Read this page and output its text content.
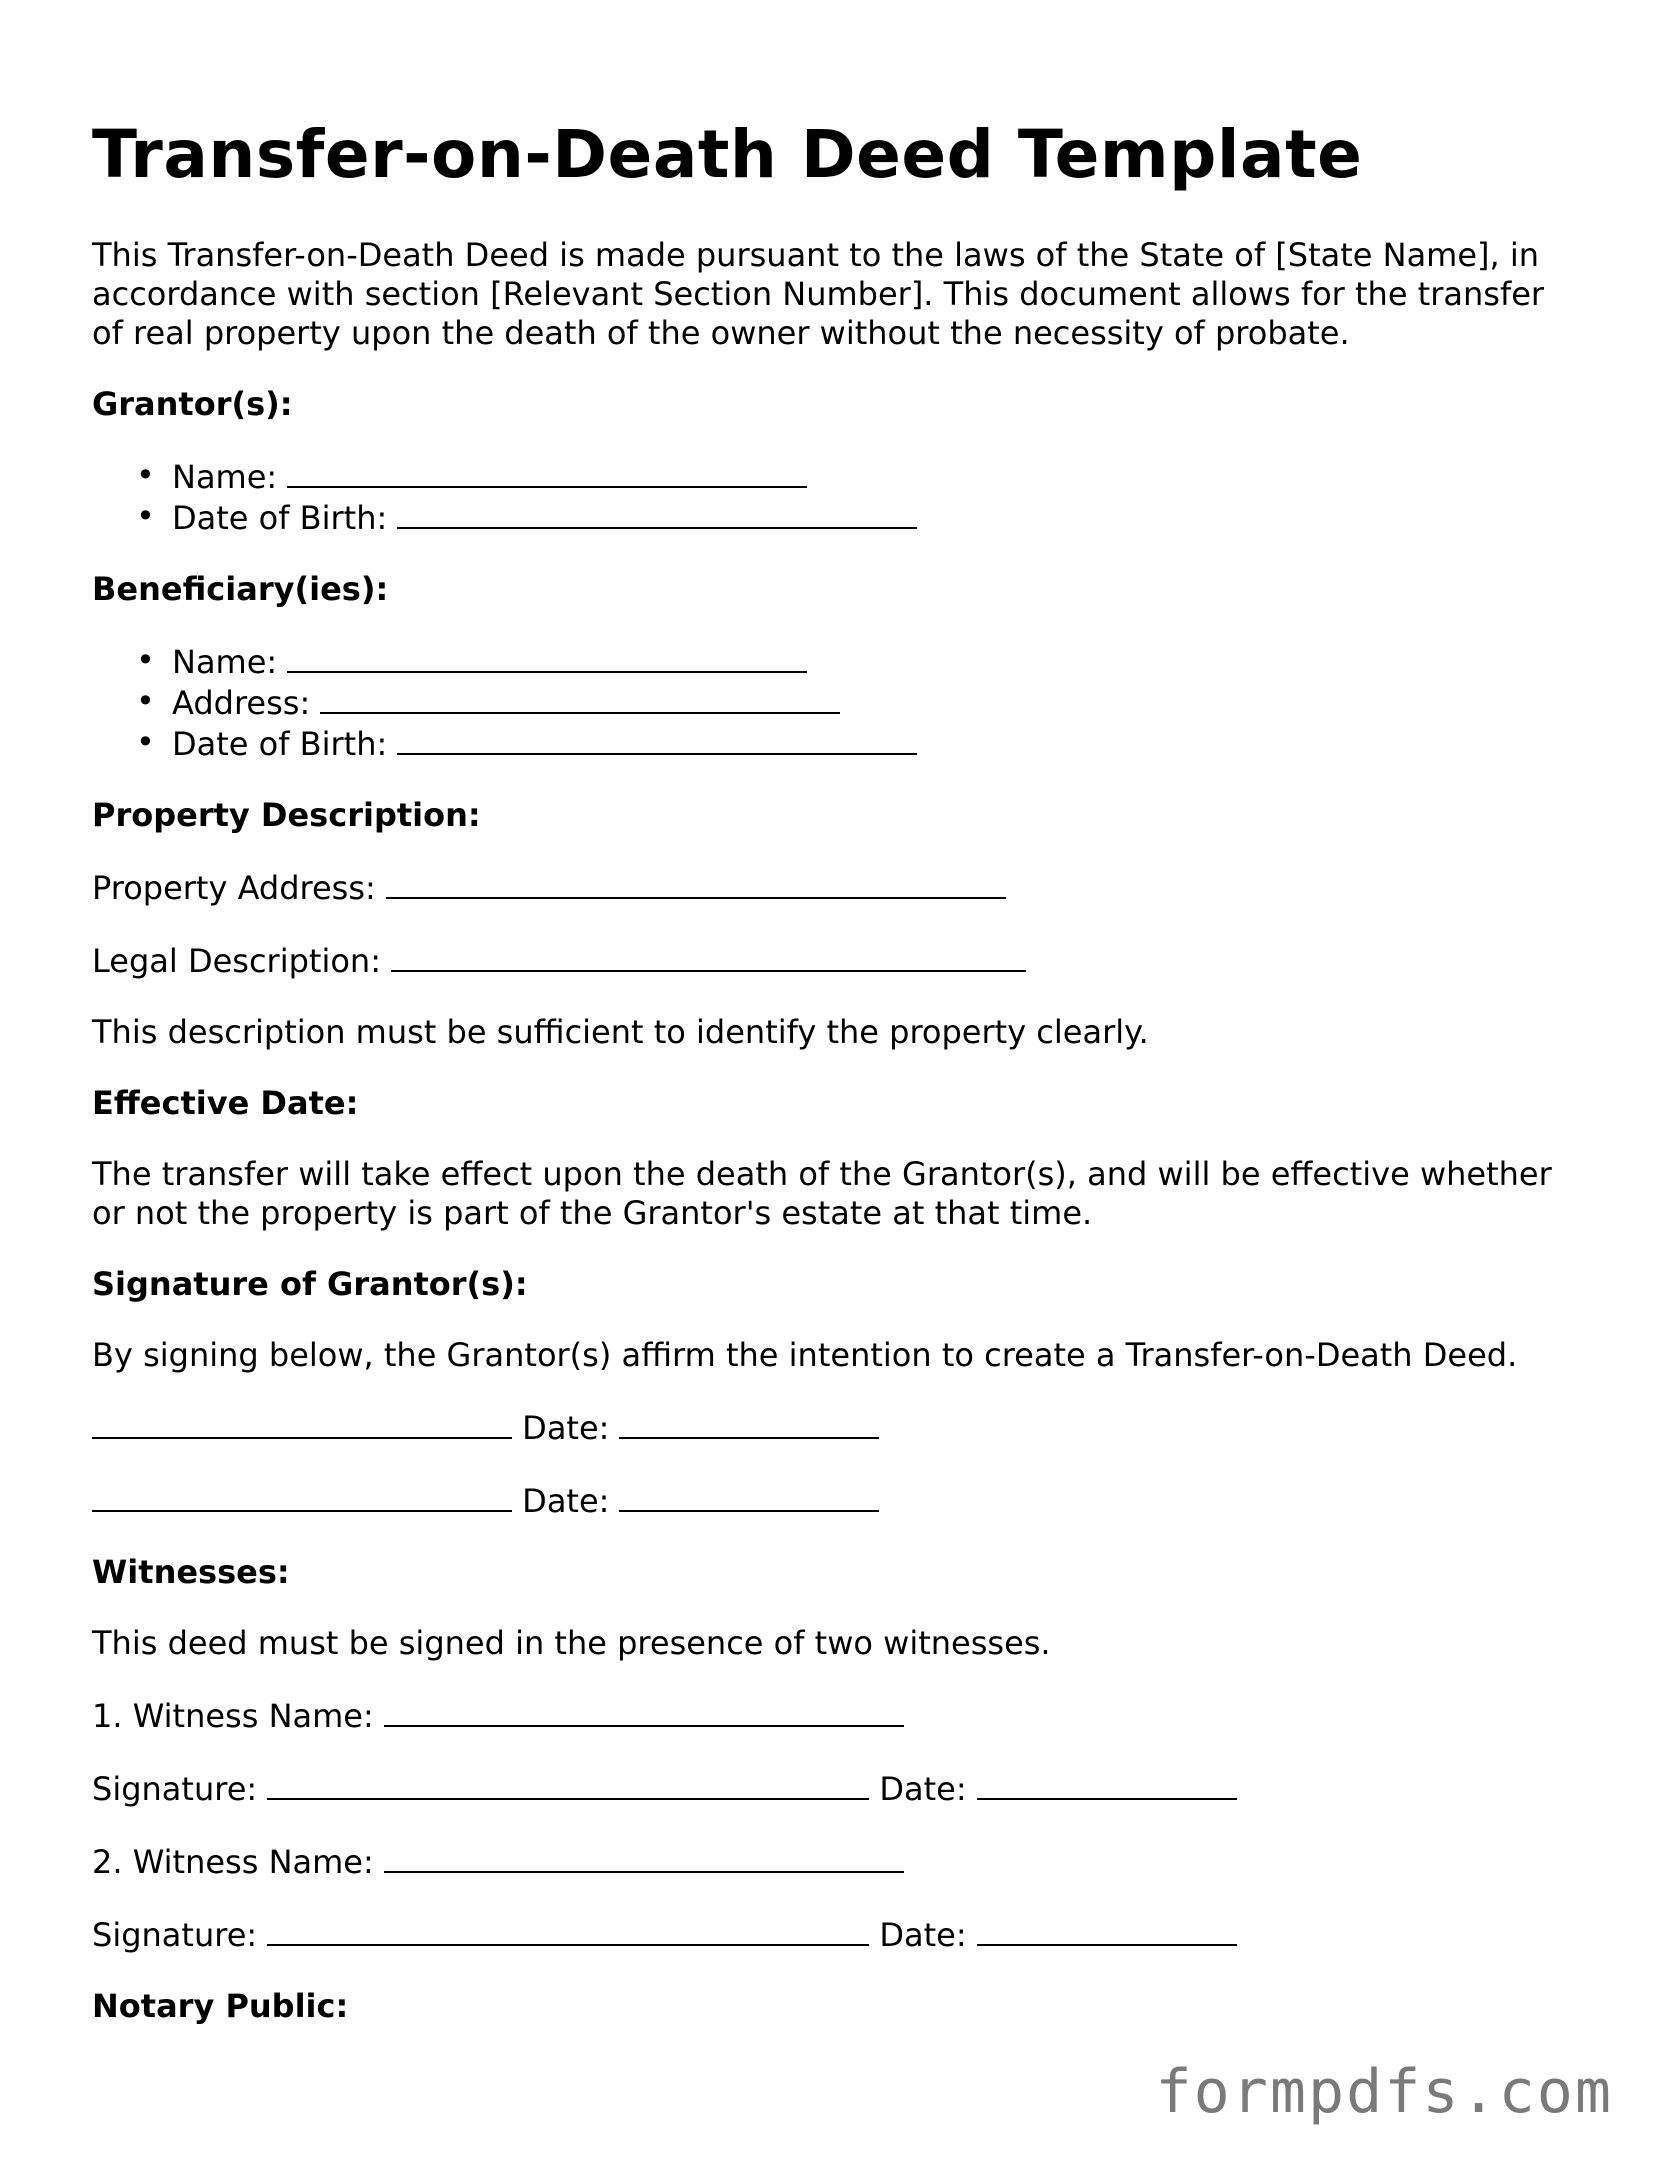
Transfer-on-Death Deed Template

This Transfer-on-Death Deed is made pursuant to the laws of the State of [State Name], in accordance with section [Relevant Section Number]. This document allows for the transfer of real property upon the death of the owner without the necessity of probate.

Grantor(s):
• Name:
• Date of Birth:
Beneficiary(ies):
• Name:
• Address:
• Date of Birth:
Property Description:

Property Address:

Legal Description:

This description must be sufficient to identify the property clearly.

Effective Date:

The transfer will take effect upon the death of the Grantor(s), and will be effective whether or not the property is part of the Grantor's estate at that time.

Signature of Grantor(s):

By signing below, the Grantor(s) affirm the intention to create a Transfer-on-Death Deed.

Date:

Date:

Witnesses:

This deed must be signed in the presence of two witnesses.

1. Witness Name:

Signature:	Date:

2. Witness Name:

Signature:	Date:

Notary Public:
formpdfs.com
